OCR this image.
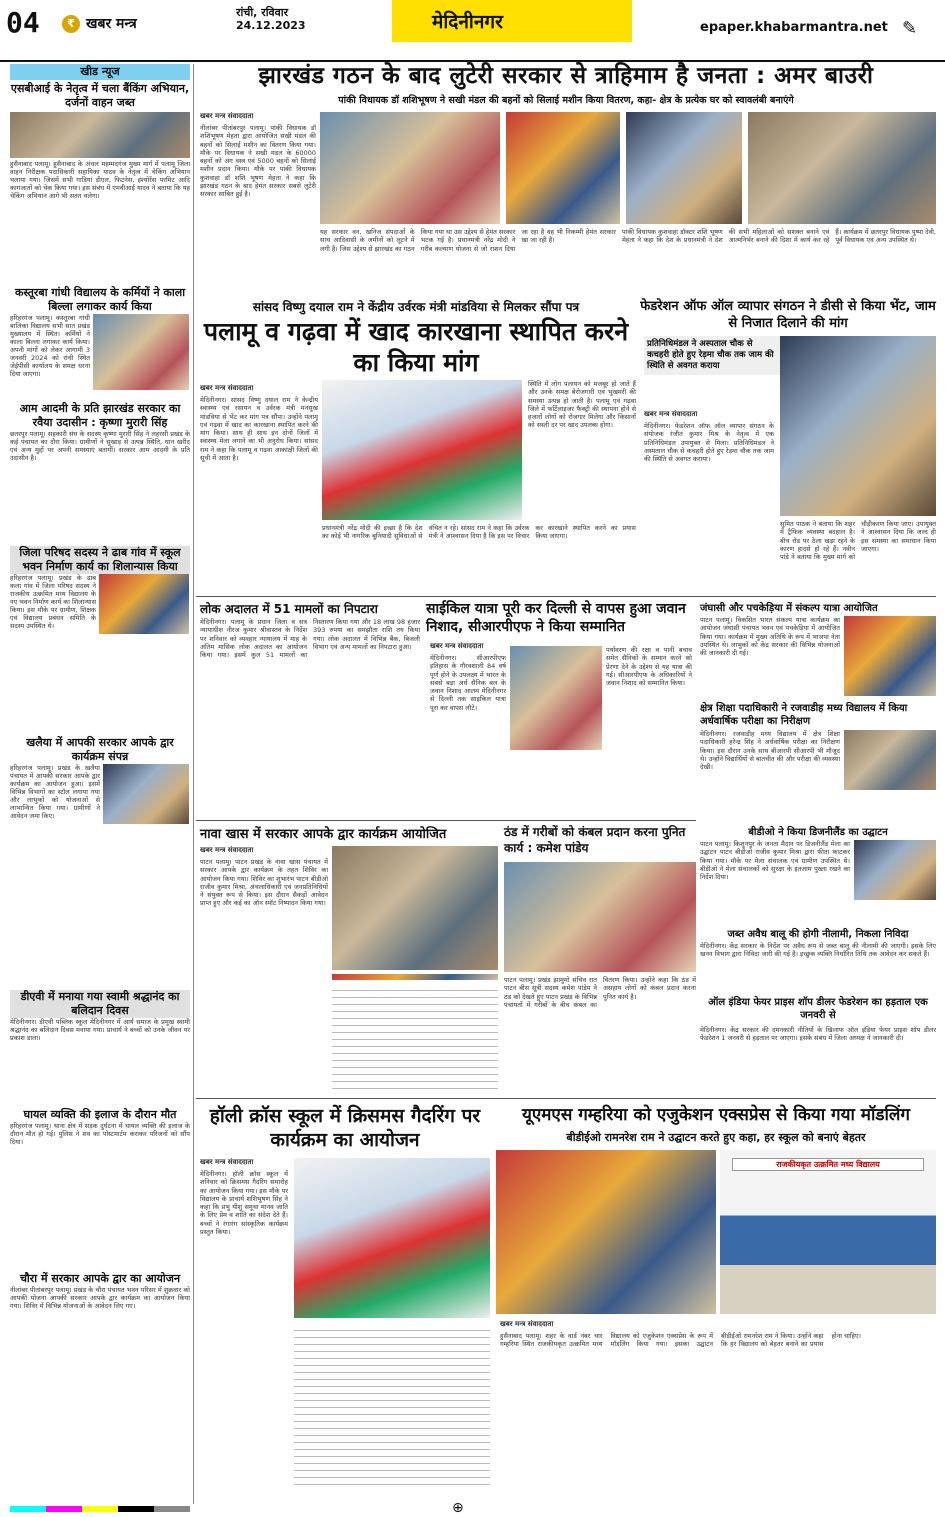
04	₹ खबर मन्त्र
रांची, रविवार
24.12.2023	मेदिनीनगर	epaper.khabarmantra.net ✎
खीड न्यूज
एसबीआई के नेतृत्व में चला बैंकिंग अभियान, दर्जनों वाहन जब्त
हुसैनाबाद पलामू। हुसैनाबाद के अंचल महम्मदगंज मुख्य मार्ग में पलामू जिला वाहन निरीक्षक पदाधिकारी सहायिका यादव के नेतृत्व में चेकिंग अभियान चलाया गया। जिसमें सभी गाड़ियां डीएल, फिटनेस, इंश्योरेंस परमिट आदि कागजातों को चेक किया गया। इस संबंध में एमवीआई यादव ने बताया कि यह चेकिंग अभियान आगे भी सतत चलेगा।
कस्तूरबा गांधी विद्यालय के कर्मियों ने काला बिल्ला लगाकर कार्य किया
हरिहरगंज पलामू। कस्तूरबा गांधी बालिका विद्यालय सभी सात प्रखंड मुख्यालय में स्थित। कर्मियों ने काला बिल्ला लगाकर कार्य किया। अपनी मांगों को लेकर आगामी 3 जनवरी 2024 को रांची स्थित जेईपीसी कार्यालय के समक्ष धरना दिया जाएगा।
आम आदमी के प्रति झारखंड सरकार का रवैया उदासीन : कृष्णा मुरारी सिंह
छतरपुर पलामू। सहकारी संघ के सदस्य कृष्णा मुरारी सिंह ने लहरसी प्रखंड के कई पंचायत का दौरा किया। ग्रामीणों ने सुखाड़ से उत्पन्न स्थिति, धान खरीद एवं अन्य मुद्दों पर अपनी समस्याएं बतायीं। सरकार आम आदमी के प्रति उदासीन है।
जिला परिषद सदस्य ने ढाब गांव में स्कूल भवन निर्माण कार्य का शिलान्यास किया
हरिहरगंज पलामू। प्रखंड के ढाब कला गांव में जिला परिषद सदस्य ने राजकीय उत्क्रमित मध्य विद्यालय के नए भवन निर्माण कार्य का शिलान्यास किया। इस मौके पर ग्रामीण, शिक्षक एवं विद्यालय प्रबंधन समिति के सदस्य उपस्थित थे।
खलैया में आपकी सरकार आपके द्वार कार्यक्रम संपन्न
हरिहरगंज पलामू। प्रखंड के खलैया पंचायत में आपकी सरकार आपके द्वार कार्यक्रम का आयोजन हुआ। इसमें विभिन्न विभागों का स्टॉल लगाया गया और लाभुकों को योजनाओं से लाभान्वित किया गया। ग्रामीणों ने आवेदन जमा किए।
डीएवी में मनाया गया स्वामी श्रद्धानंद का बलिदान दिवस
मेदिनीनगर। डीएवी पब्लिक स्कूल मेदिनीनगर में आर्य समाज के प्रमुख स्वामी श्रद्धानंद का बलिदान दिवस मनाया गया। प्राचार्य ने बच्चों को उनके जीवन पर प्रकाश डाला।
घायल व्यक्ति की इलाज के दौरान मौत
हरिहरगंज पलामू। थाना क्षेत्र में सड़क दुर्घटना में घायल व्यक्ति की इलाज के दौरान मौत हो गई। पुलिस ने शव का पोस्टमार्टम कराकर परिजनों को सौंप दिया।
चौरा में सरकार आपके द्वार का आयोजन
नीलांबर पीतांबरपुर पलामू। प्रखंड के चौरा पंचायत भवन परिसर में शुक्रवार को आपकी योजना आपकी सरकार आपके द्वार कार्यक्रम का आयोजन किया गया। शिविर में विभिन्न योजनाओं के आवेदन लिए गए।
झारखंड गठन के बाद लुटेरी सरकार से त्राहिमाम है जनता : अमर बाउरी
पांकी विधायक डॉ शशिभूषण ने सखी मंडल की बहनों को सिलाई मशीन किया वितरण, कहा- क्षेत्र के प्रत्येक घर को स्वावलंबी बनाएंगे
खबर मन्त्र संवाददाता
नीलांबर पीतांबरपुर पलामू। पांकी विधायक डॉ शशिभूषण मेहता द्वारा आयोजित सखी मंडल की बहनों को सिलाई मशीन का वितरण किया गया। मौके पर विधायक ने सखी मंडल के 60000 बहनों को अंग वस्त्र एवं 5000 बहनों को सिलाई मशीन प्रदान किया। मौके पर पांकी विधायक कुशवाहा डॉ शशि भूषण मेहता ने कहा कि झारखंड गठन के बाद हेमंत सरकार सबसे लुटेरी सरकार साबित हुई है।
यह सरकार वन, खनिज संपदाओं के साथ आदिवासी के जमीनों को लूटने में लगी है। जिस उद्देश्य से झारखंड का गठन किया गया था उस उद्देश्य से हेमंत सरकार भटक गई है। प्रधानमंत्री नरेंद्र मोदी ने गरीब कल्याण योजना से जो राशन दिया जा रहा है वह भी निकम्मी हेमंत सरकार खा जा रही है।
पांकी विधायक कुशवाहा डॉक्टर शशि भूषण मेहता ने कहा कि देश के प्रधानमंत्री ने देश की सभी महिलाओं को सशक्त बनाने एवं आत्मनिर्भर बनाने की दिशा में कार्य कर रहे हैं। कार्यक्रम में छतरपुर विधायक पुष्पा देवी, पूर्व विधायक एवं अन्य उपस्थित थे।
सांसद विष्णु दयाल राम ने केंद्रीय उर्वरक मंत्री मांडविया से मिलकर सौंपा पत्र
पलामू व गढ़वा में खाद कारखाना स्थापित करने का किया मांग
खबर मन्त्र संवाददाता
मेदिनीनगर। सांसद विष्णु दयाल राम ने केन्द्रीय स्वास्थ्य एवं रसायन व उर्वरक मंत्री मनसुख मांडविया से भेंट कर मांग पत्र सौंपा। उन्होंने पलामू एवं गढ़वा में खाद का कारखाना स्थापित करने की मांग किया। साथ ही साथ इन दोनों जिलों में स्वास्थ्य मेला लगाने का भी अनुरोध किया। सांसद राम ने कहा कि पलामू व गढ़वा आकांक्षी जिलों की सूची में आता है।
स्थिति में लोग पलायन को मजबूर हो जाते हैं और उनके समक्ष बेरोजगारी एवं भुखमरी की समस्या उत्पन्न हो जाती है। पलामू एवं गढ़वा जिले में फर्टिलाइजर फैक्ट्री की स्थापना होने से हजारों लोगों को रोजगार मिलेगा और किसानों को सस्ती दर पर खाद उपलब्ध होगा।
प्रधानमंत्री नरेंद्र मोदी की इच्छा है कि देश का कोई भी नागरिक बुनियादी सुविधाओं से वंचित न रहे। सांसद राम ने कहा कि उर्वरक मंत्री ने आश्वासन दिया है कि इस पर विचार कर कारखाने स्थापित करने का प्रयास किया जाएगा।
फेडरेशन ऑफ ऑल व्यापार संगठन ने डीसी से किया भेंट, जाम से निजात दिलाने की मांग
प्रतिनिधिमंडल ने अस्पताल चौक से कचहरी होते हुए रेड़मा चौक तक जाम की स्थिति से अवगत कराया
खबर मन्त्र संवाददाता
मेदिनीनगर। फेडरेशन ऑफ ऑल व्यापार संगठन के संयोजक रंजीत कुमार मिश्र के नेतृत्व में एक प्रतिनिधिमंडल उपायुक्त से मिला। प्रतिनिधिमंडल ने अस्पताल चौक से कचहरी होते हुए रेड़मा चौक तक जाम की स्थिति से अवगत कराया।
सुमित पाठक ने बताया कि शहर में ट्रैफिक व्यवस्था बदहाल है। बीच रोड पर ठेला खड़ा रहने के कारण हादसे हो रहे हैं। नवीन पांडे ने बताया कि मुख्य मार्ग को चौड़ीकरण किया जाए। उपायुक्त ने आश्वासन दिया कि जल्द ही इस समस्या का समाधान किया जाएगा।
लोक अदालत में 51 मामलों का निपटारा
मेदिनीनगर। पलामू के प्रधान जिला व सत्र न्यायाधीश नीरज कुमार श्रीवास्तव के निर्देश पर शनिवार को व्यवहार न्यायालय में माह के अंतिम मासिक लोक अदालत का आयोजन किया गया। इसमें कुल 51 मामलों का निस्तारण किया गया और 18 लाख 98 हजार 393 रुपया का समझौता राशि तय किया गया। लोक अदालत में विभिन्न बैंक, बिजली विभाग एवं अन्य मामलों का निपटारा हुआ।
साईकिल यात्रा पूरी कर दिल्ली से वापस हुआ जवान निशाद, सीआरपीएफ ने किया सम्मानित
खबर मन्त्र संवाददाता
मेदिनीनगर। सीआरपीएफ इतिहास के गौरवशाली 84 वर्ष पूर्ण होने के उपलक्ष्य में भारत के सबसे बड़ा अर्ध सैनिक बल के जवान निशाद आलम मेदिनीनगर से दिल्ली तक साइकिल यात्रा पूरा कर वापस लौटे।
पर्यावरण की रक्षा व पानी बचाव समेत सैनिकों के सम्मान करने को प्रेरणा देने के उद्देश्य से यह यात्रा की गई। सीआरपीएफ के अधिकारियों ने जवान निशाद को सम्मानित किया।
जंघासी और पचकेड़िया में संकल्प यात्रा आयोजित
पाटन पलामू। विकसित भारत संकल्प यात्रा कार्यक्रम का आयोजन जंघासी पंचायत भवन एवं पचकेड़िया में आयोजित किया गया। कार्यक्रम में मुख्य अतिथि के रूप में भाजपा नेता उपस्थित थे। लाभुकों को केंद्र सरकार की विभिन्न योजनाओं की जानकारी दी गई।
क्षेत्र शिक्षा पदाधिकारी ने रजवाडीह मध्य विद्यालय में किया अर्धवार्षिक परीक्षा का निरीक्षण
मेदिनीनगर। रजवाडीह मध्य विद्यालय में क्षेत्र शिक्षा पदाधिकारी हरेन्द्र सिंह ने अर्धवार्षिक परीक्षा का निरीक्षण किया। इस दौरान उनके साथ बीआरपी सीआरपी भी मौजूद थे। उन्होंने विद्यार्थियों से बातचीत की और परीक्षा की व्यवस्था देखी।
बीडीओ ने किया डिजनीलैंड का उद्घाटन
पाटन पलामू। किशुनपुर के जनता मैदान पर डिजनीलैंड मेला का उद्घाटन पाटन बीडीओ राजीव कुमार मिश्रा द्वारा फीता काटकर किया गया। मौके पर मेला संचालक एवं ग्रामीण उपस्थित थे। बीडीओ ने मेला संचालकों को सुरक्षा के इंतजाम पुख्ता रखने का निर्देश दिया।
जब्त अवैध बालू की होगी नीलामी, निकला निविदा
मेदिनीनगर। केंद्र सरकार के निर्देश पर अवैध रूप से जब्त बालू की नीलामी की जाएगी। इसके लिए खनन विभाग द्वारा निविदा जारी की गई है। इच्छुक व्यक्ति निर्धारित तिथि तक आवेदन कर सकते हैं।
ऑल इंडिया फेयर प्राइस शॉप डीलर फेडरेशन का हड़ताल एक जनवरी से
मेदिनीनगर। केंद्र सरकार की दमनकारी नीतियों के खिलाफ ऑल इंडिया फेयर प्राइस शॉप डीलर फेडरेशन 1 जनवरी से हड़ताल पर जाएगा। इसके संबंध में जिला अध्यक्ष ने जानकारी दी।
नावा खास में सरकार आपके द्वार कार्यक्रम आयोजित
खबर मन्त्र संवाददाता
पाटन पलामू। पाटन प्रखंड के नावा खास पंचायत में सरकार आपके द्वार कार्यक्रम के तहत शिविर का आयोजन किया गया। शिविर का शुभारंभ पाटन बीडीओ राजीव कुमार मिश्रा, अंचलाधिकारी एवं जनप्रतिनिधियों ने संयुक्त रूप से किया। इस दौरान सैकड़ों आवेदन प्राप्त हुए और कई का ऑन स्पॉट निष्पादन किया गया।
ठंड में गरीबों को कंबल प्रदान करना पुनित कार्य : कमेश पांडेय
पाटन पलामू। प्रखंड झामुमो संचिव रात पाटन बीस सूत्री सदस्य कमेश पांडेय ने ठंड को देखते हुए पाटन प्रखंड के विभिन्न पंचायतों में गरीबों के बीच कंबल का वितरण किया। उन्होंने कहा कि ठंड में असहाय लोगों को कंबल प्रदान करना पुनित कार्य है।
हॉली क्रॉस स्कूल में क्रिसमस गैदरिंग पर कार्यक्रम का आयोजन
खबर मन्त्र संवाददाता
मेदिनीनगर। हॉली क्रॉस स्कूल में शनिवार को क्रिसमस गैदरिंग समारोह का आयोजन किया गया। इस मौके पर विद्यालय के प्राचार्य शशिभूषण सिंह ने कहा कि प्रभु यीशु समूचा मानव जाति के लिए प्रेम व शांति का संदेश देते हैं। बच्चों ने रंगारंग सांस्कृतिक कार्यक्रम प्रस्तुत किया।
यूएमएस गम्हरिया को एजुकेशन एक्सप्रेस से किया गया मॉडलिंग
बीडीईओ रामनरेश राम ने उद्घाटन करते हुए कहा, हर स्कूल को बनाएं बेहतर
राजकीयकृत उत्क्रमित मध्य विद्यालय
खबर मन्त्र संवाददाता
हुसैनाबाद पलामू। शहर के वार्ड नंबर चार गम्हरिया स्थित राजकीयकृत उत्क्रमित मध्य विद्यालय को एजुकेशन एक्सप्रेस के रूप में मॉडलिंग किया गया। इसका उद्घाटन बीडीईओ रामनरेश राम ने किया। उन्होंने कहा कि हर विद्यालय को बेहतर बनाने का प्रयास होना चाहिए।
⊕
